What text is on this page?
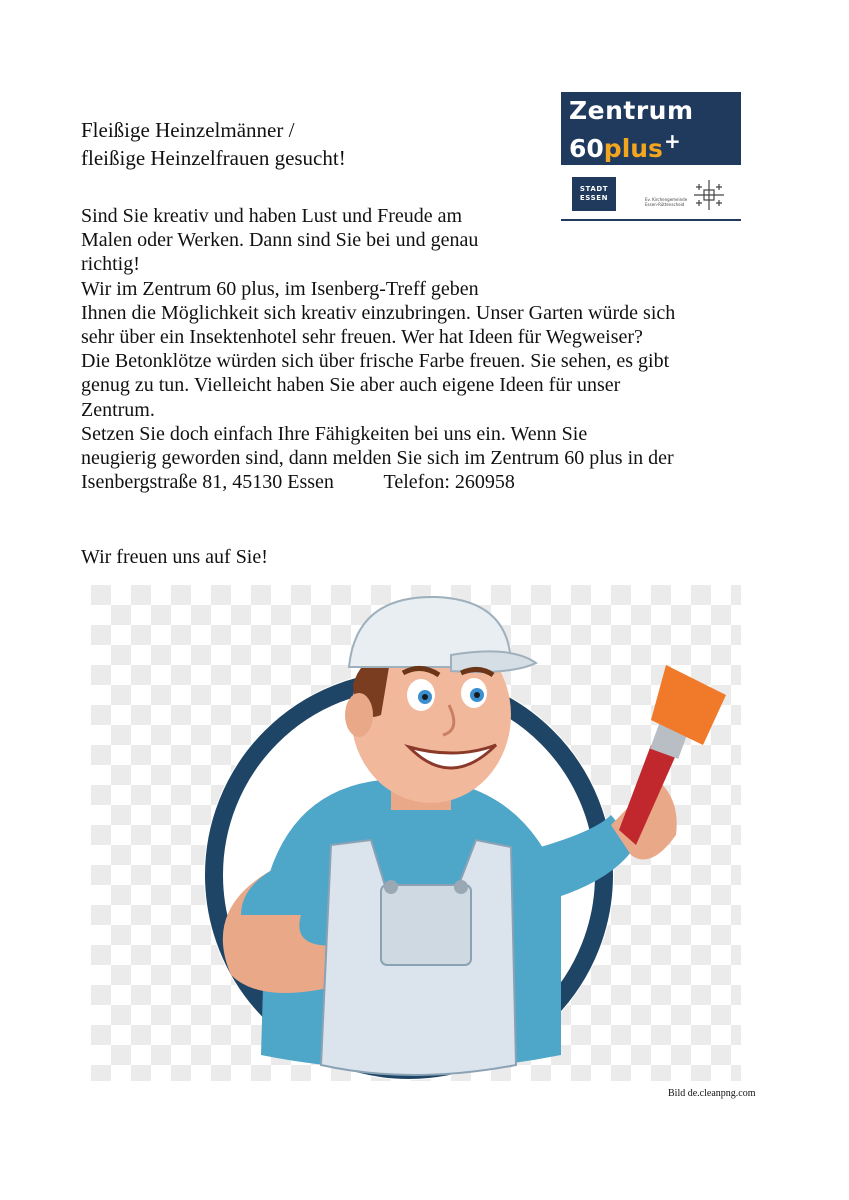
Fleißige Heinzelmänner /
fleißige Heinzelfrauen gesucht!
Zentrum
60plus+
STADT
ESSEN	Ev. Kirchengemeinde
Essen-Rüttenscheid
Sind Sie kreativ und haben Lust und Freude am
Malen oder Werken. Dann sind Sie bei und genau
richtig!
Wir im Zentrum 60 plus, im Isenberg-Treff geben
Ihnen die Möglichkeit sich kreativ einzubringen. Unser Garten würde sich
sehr über ein Insektenhotel sehr freuen. Wer hat Ideen für Wegweiser?
Die Betonklötze würden sich über frische Farbe freuen. Sie sehen, es gibt
genug zu tun. Vielleicht haben Sie aber auch eigene Ideen für unser
Zentrum.
Setzen Sie doch einfach Ihre Fähigkeiten bei uns ein. Wenn Sie
neugierig geworden sind, dann melden Sie sich im Zentrum 60 plus in der
Isenbergstraße 81, 45130 Essen          Telefon: 260958
Wir freuen uns auf Sie!
Bild de.cleanpng.com
